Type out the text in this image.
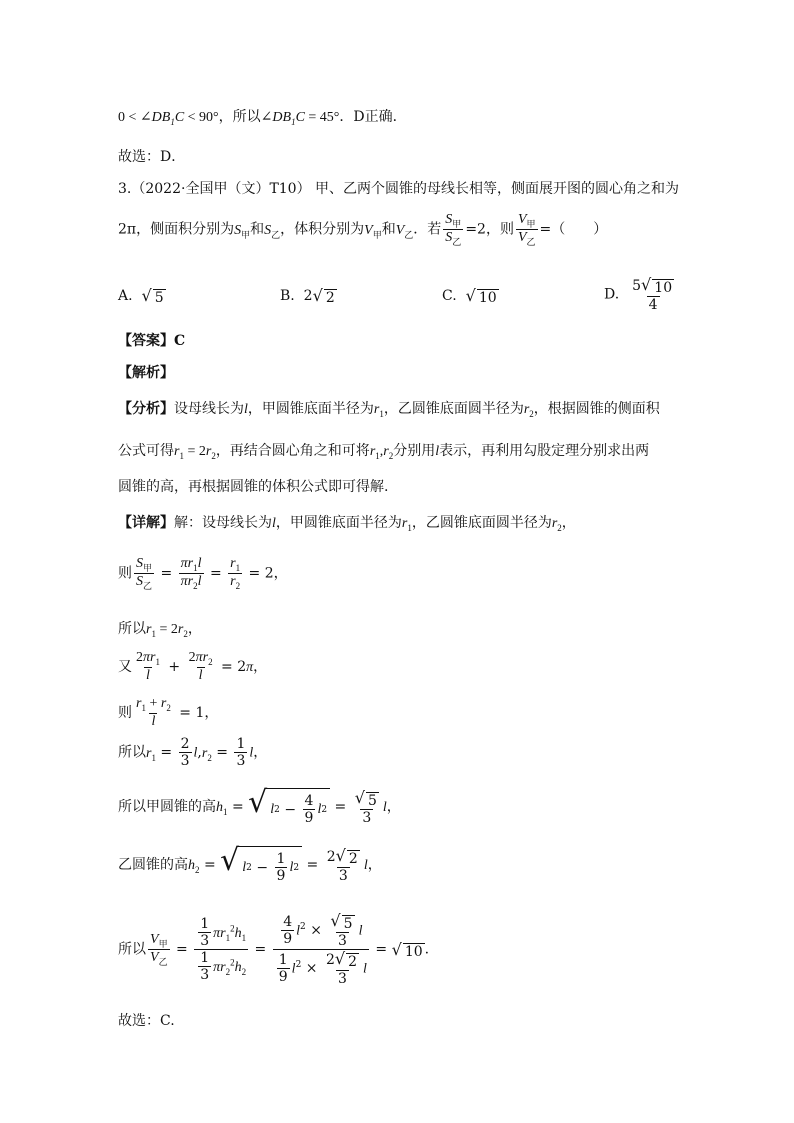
$0 < \angle DB_1C < 90^\circ$，所以$\angle DB_1C = 45^\circ$．D正确．
故选：D．
3.（2022·全国甲（文）T10） 甲、乙两个圆锥的母线长相等，侧面展开图的圆心角之和为
2π，侧面积分别为$S_甲$和$S_乙$，体积分别为$V_甲$和$V_乙$．若 $\frac{S_甲}{S_乙} =2$，则 $\frac{V_甲}{V_乙}$ =（　　）
A. √ 5	B.  2 √ 2	C. √ 10	D. $\frac{5 √ 10}{4}$
【答案】C
【解析】
【分析】设母线长为l，甲圆锥底面半径为$r_1$，乙圆锥底面圆半径为$r_2$，根据圆锥的侧面积
公式可得$r_1 = 2r_2$，再结合圆心角之和可将$r_1,r_2$分别用l表示，再利用勾股定理分别求出两
圆锥的高，再根据圆锥的体积公式即可得解.
【详解】解：设母线长为l，甲圆锥底面半径为$r_1$，乙圆锥底面圆半径为$r_2$，
则 $\frac{S_甲}{S_乙} = \frac{\pi r_1l}{\pi r_2l} = \frac{r_1}{r_2} = 2$，
所以$r_1 = 2r_2$，
又 $\frac{2\pi r_1}{l} + \frac{2\pi r_2}{l} = 2\pi$，
则 $\frac{r_1 + r_2}{l} = 1$，
所以$r_1 = \frac{2}{3} l,r_2 = \frac{1}{3}$ l，
所以甲圆锥的高$h_1$ = √ l $2 - \frac{4}{9}$ l $2 = \frac{√ 5}{3}$ l，
乙圆锥的高$h_2$ = √ l $2 - \frac{1}{9}$ l $2 = \frac{2 √ 2}{3}$ l，
所以 $\frac{V_甲}{V_乙} = \frac{\frac{1}{3} \pi r_1^2h_1}{\frac{1}{3} \pi r_2^2h_2} = \frac{\frac{4}{9} l^2 \times \frac{√ 5}{3} l}{\frac{1}{9} l^2 \times \frac{2 √ 2}{3} l}$ = √ 10 .
故选：C.
